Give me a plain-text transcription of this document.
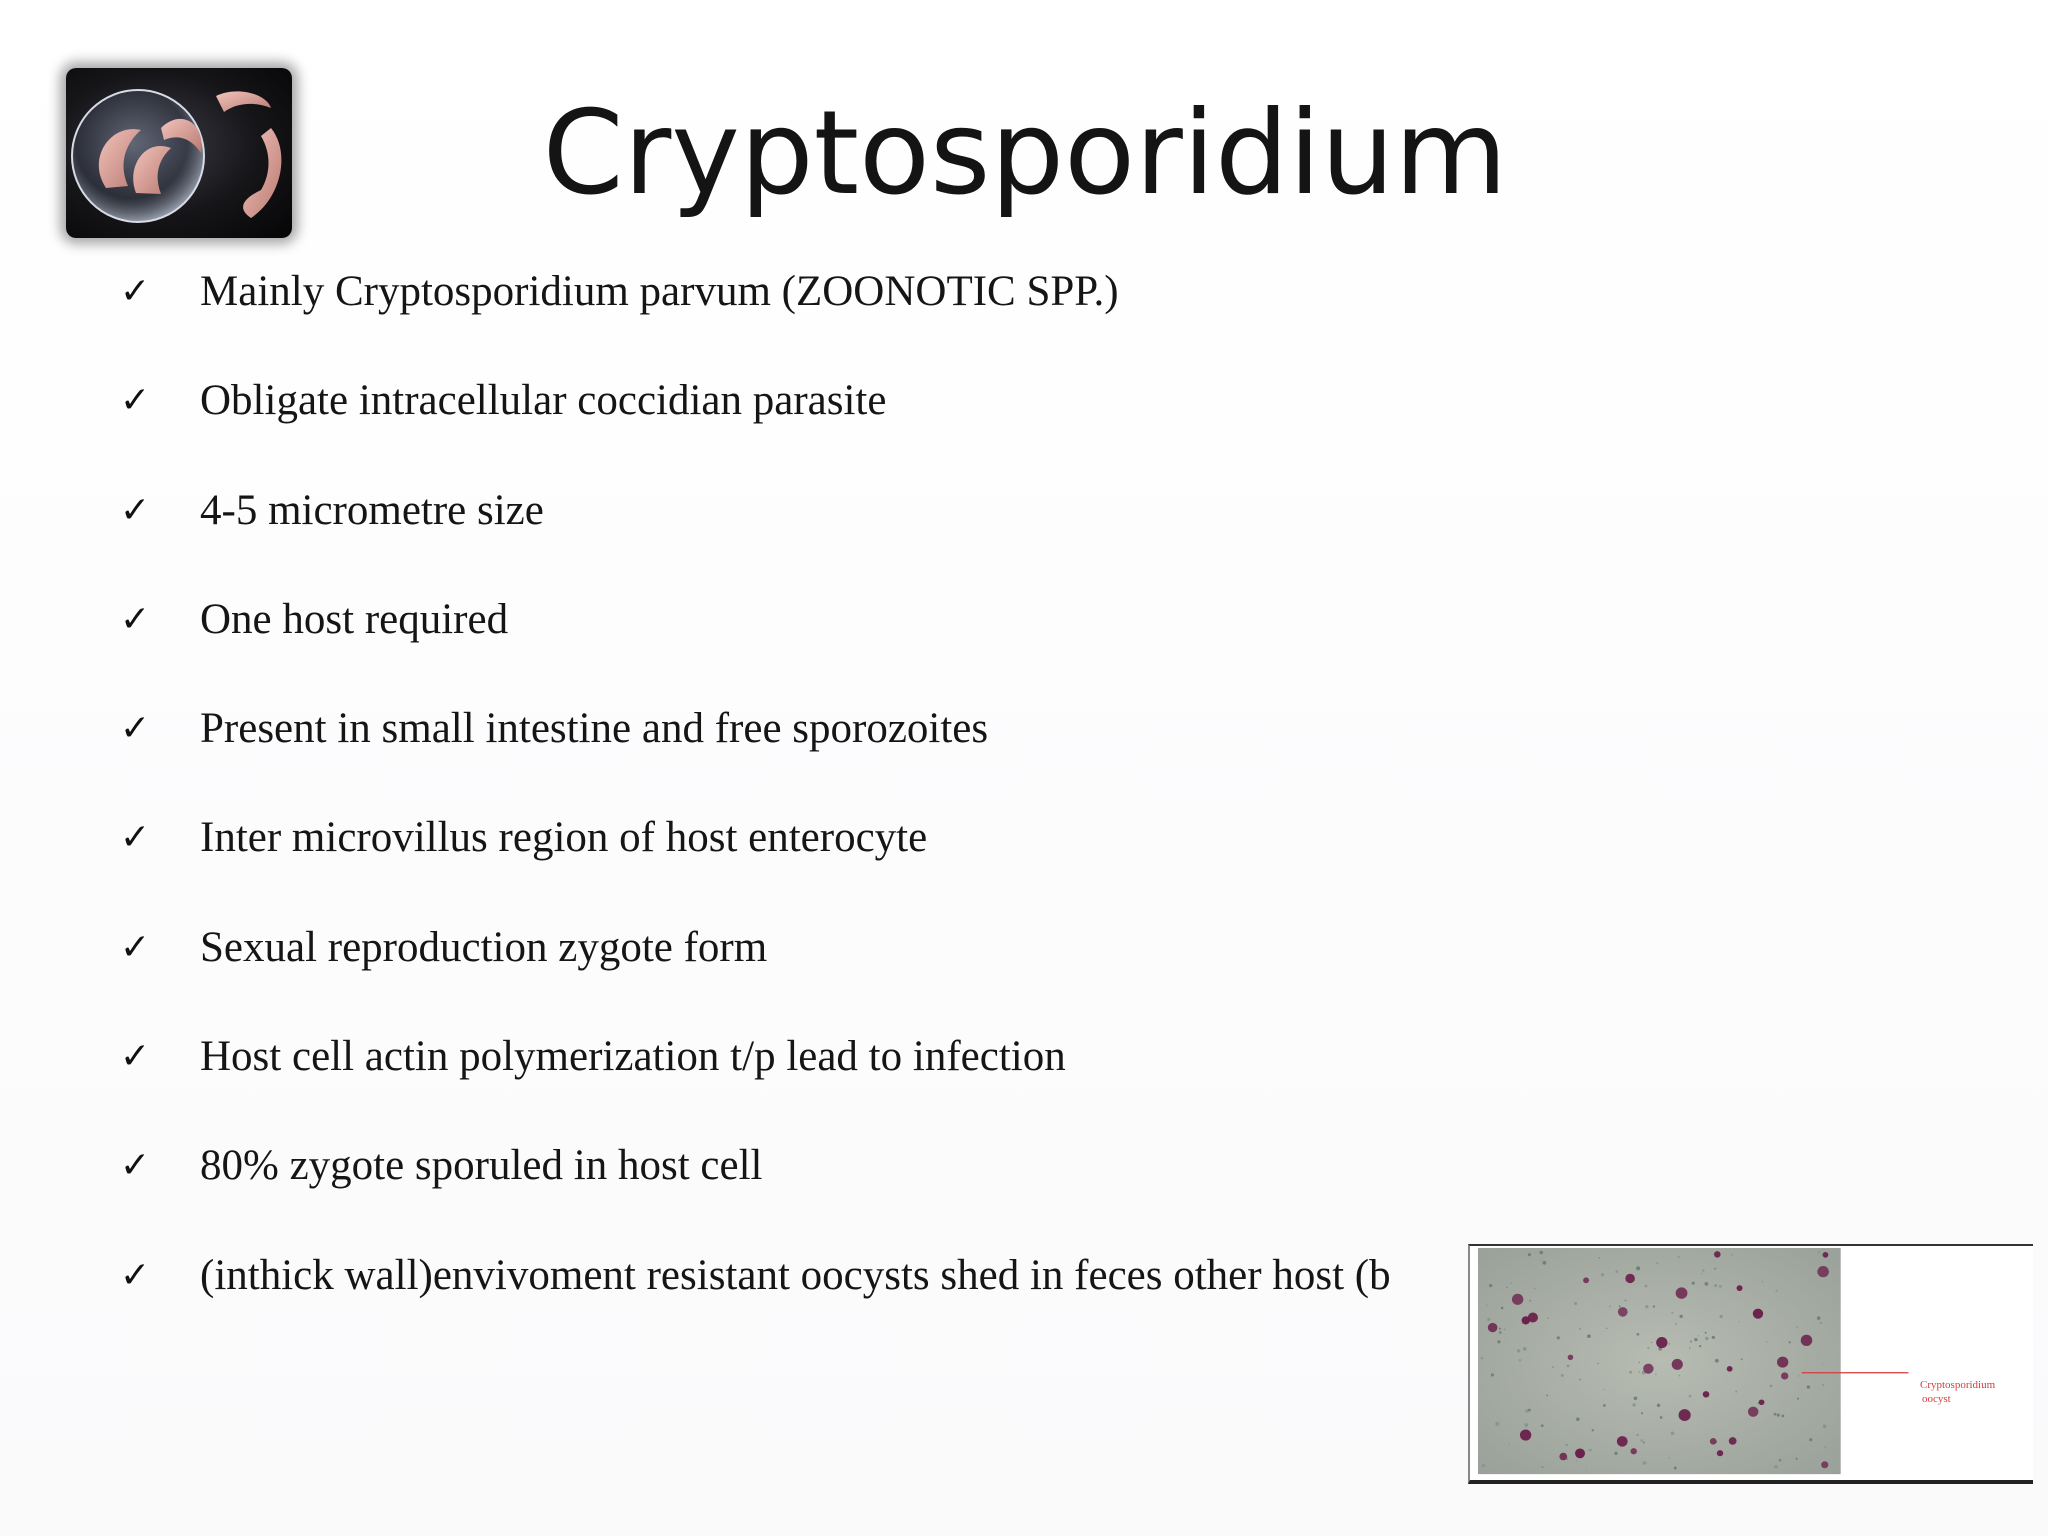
Cryptosporidium
✓	Mainly Cryptosporidium parvum (ZOONOTIC SPP.)
✓	Obligate intracellular coccidian parasite
✓	4-5 micrometre size
✓	One host required
✓	Present in small intestine and free sporozoites
✓	Inter microvillus region of host enterocyte
✓	Sexual reproduction zygote form
✓	Host cell actin polymerization t/p lead to infection
✓	80% zygote sporuled in host cell
✓	(inthick wall)envivoment resistant oocysts shed in feces other host (b
Cryptosporidium
oocyst
